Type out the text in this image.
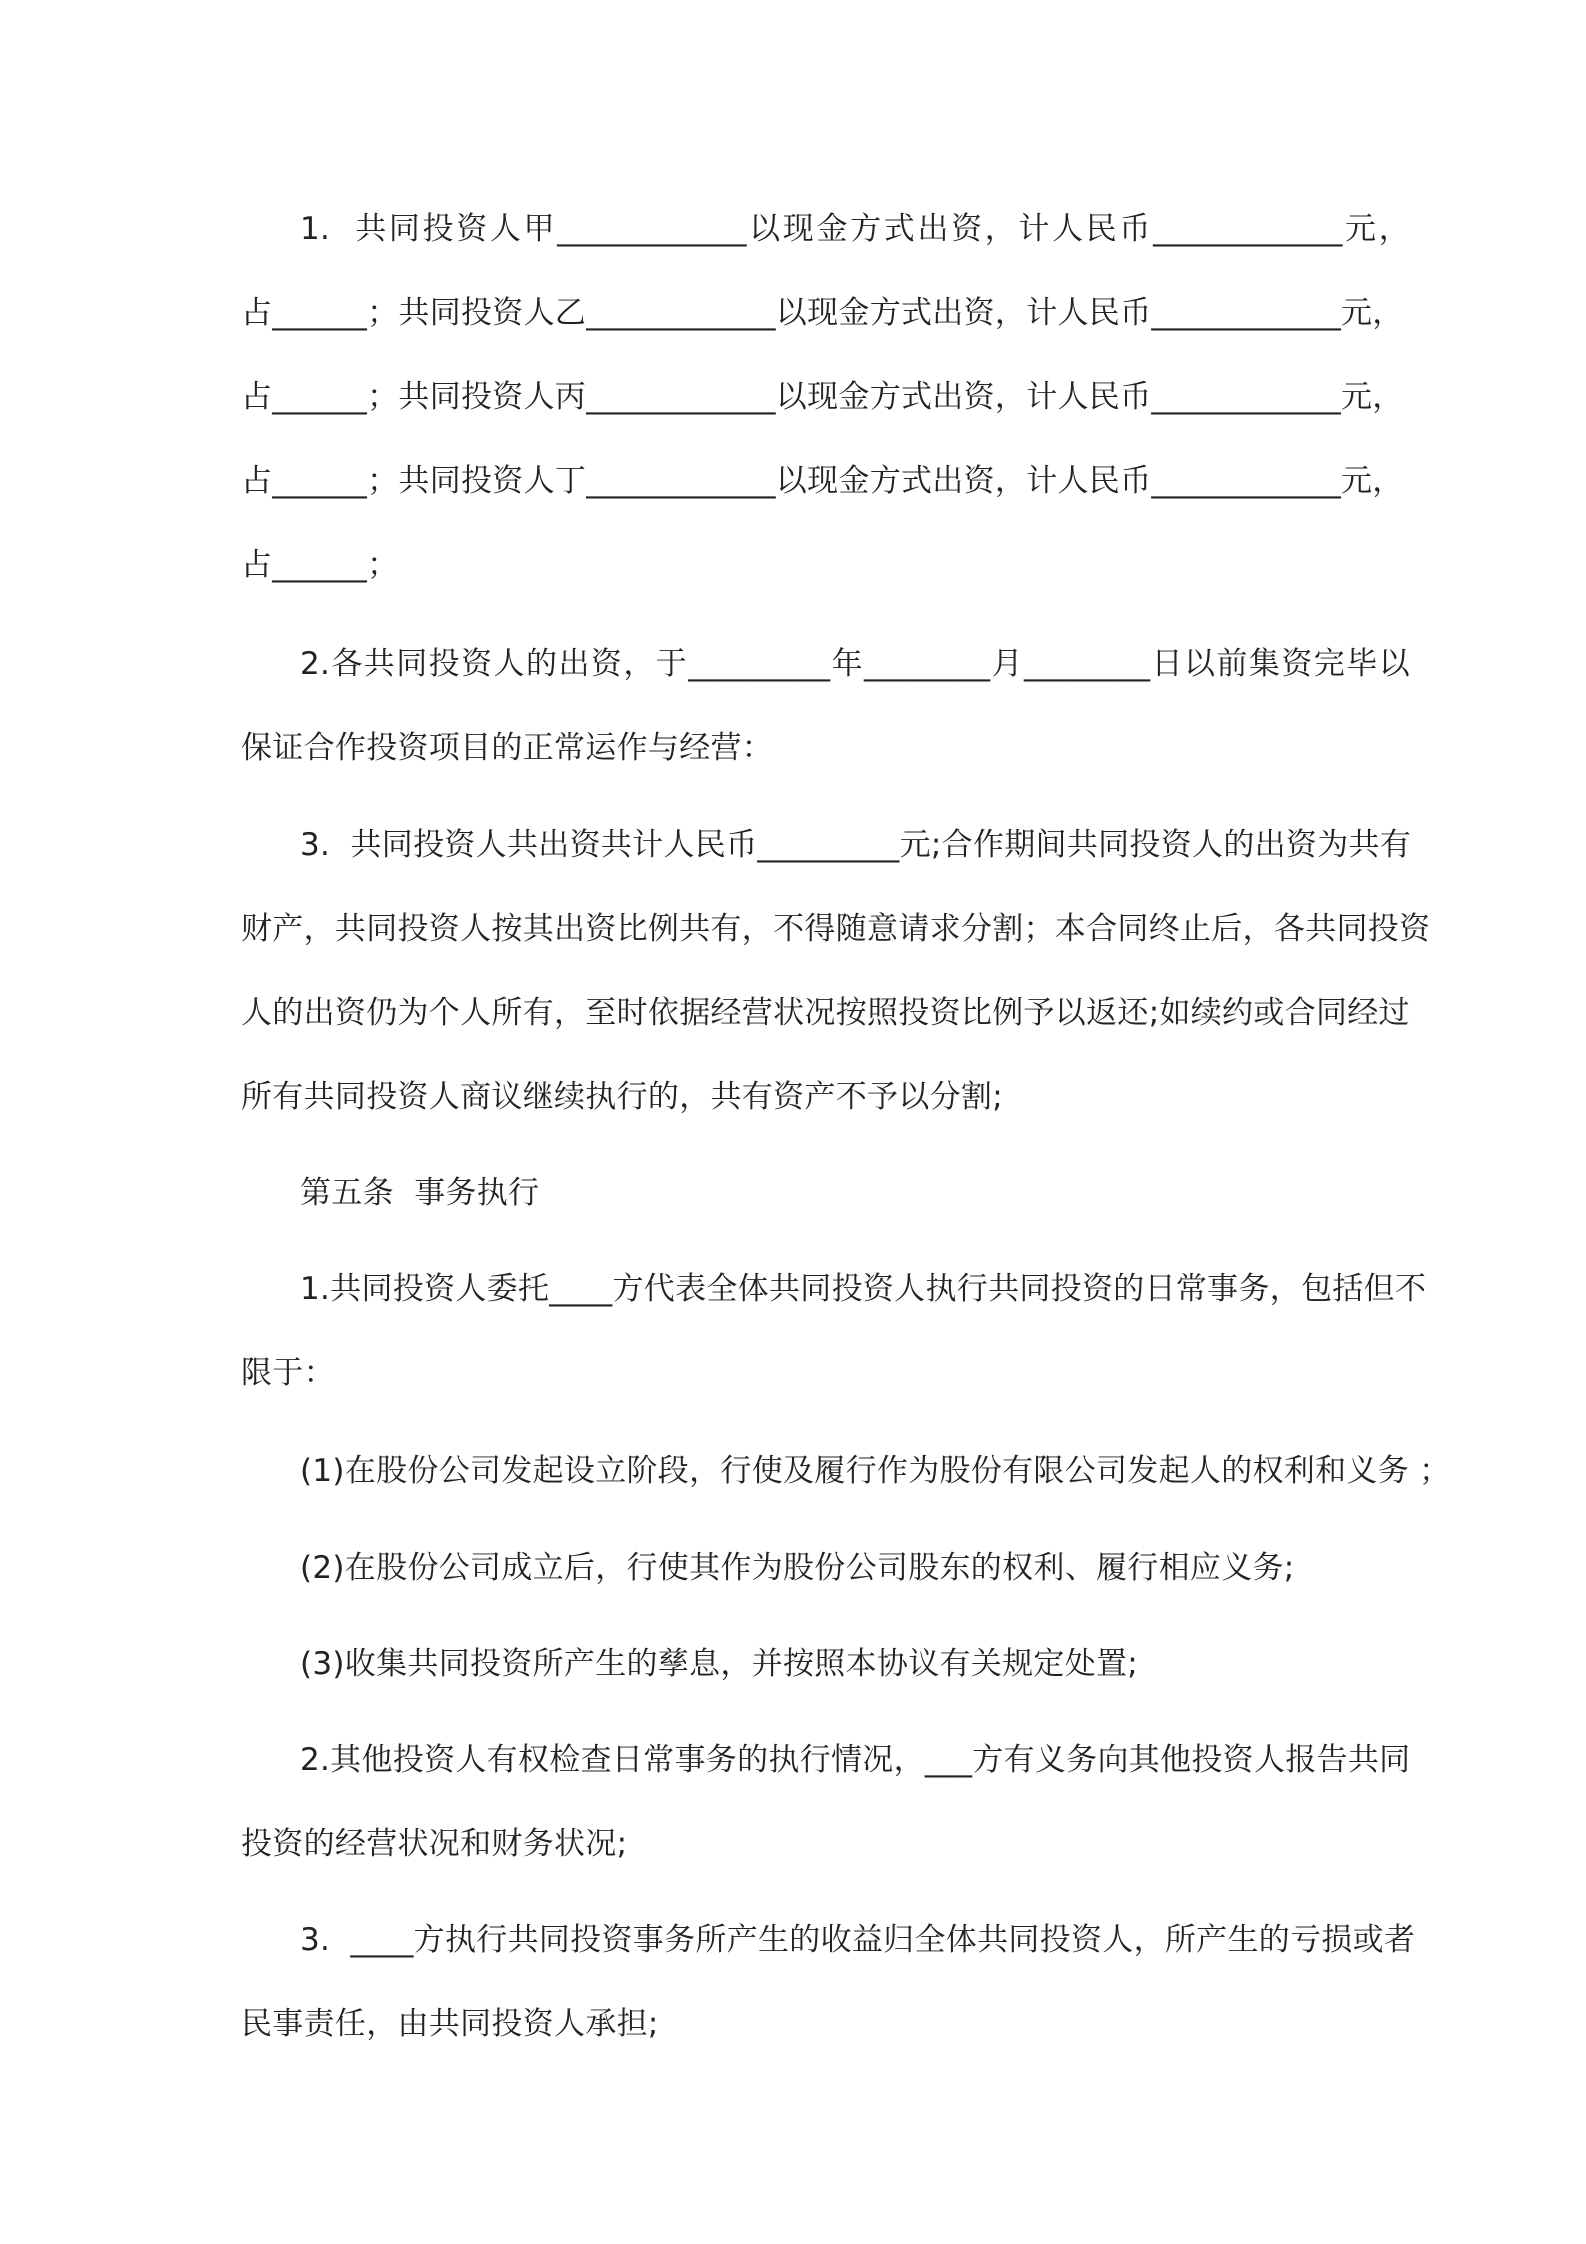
1.  共同投资人甲____________以现金方式出资，计人民币____________元，
占______；共同投资人乙____________以现金方式出资，计人民币____________元，
占______；共同投资人丙____________以现金方式出资，计人民币____________元，
占______；共同投资人丁____________以现金方式出资，计人民币____________元，
占______；
2.各共同投资人的出资，于_________年________月________日以前集资完毕以
保证合作投资项目的正常运作与经营：
3.  共同投资人共出资共计人民币_________元;合作期间共同投资人的出资为共有
财产，共同投资人按其出资比例共有，不得随意请求分割；本合同终止后，各共同投资
人的出资仍为个人所有，至时依据经营状况按照投资比例予以返还;如续约或合同经过
所有共同投资人商议继续执行的，共有资产不予以分割;
第五条  事务执行
1.共同投资人委托____方代表全体共同投资人执行共同投资的日常事务，包括但不
限于：
(1)在股份公司发起设立阶段，行使及履行作为股份有限公司发起人的权利和义务 ；
(2)在股份公司成立后，行使其作为股份公司股东的权利、履行相应义务;
(3)收集共同投资所产生的孳息，并按照本协议有关规定处置;
2.其他投资人有权检查日常事务的执行情况，___方有义务向其他投资人报告共同
投资的经营状况和财务状况;
3.  ____方执行共同投资事务所产生的收益归全体共同投资人，所产生的亏损或者
民事责任，由共同投资人承担;
